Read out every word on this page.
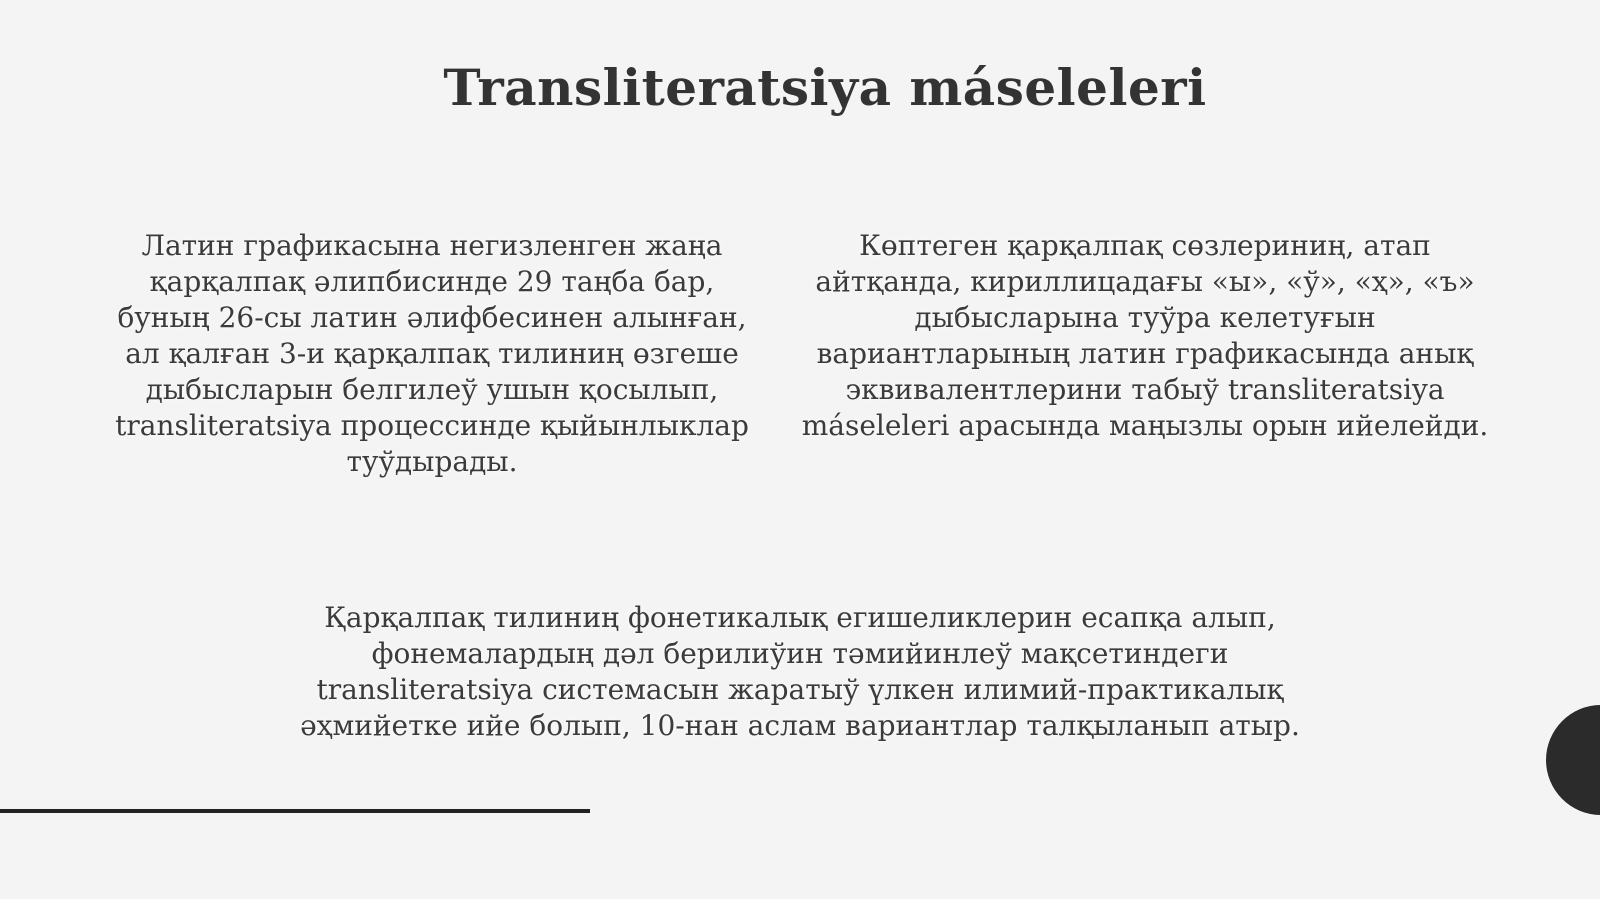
Transliteratsiya máseleleri
Латин графикасына негизленген жаңа қарқалпақ әлипбисинде 29 таңба бар, буның 26-сы латин әлифбесинен алынған, ал қалған 3-и қарқалпақ тилиниң өзгеше дыбысларын белгилеў ушын қосылып, transliteratsiya процессинде қыйынлыклар туўдырады.
Көптеген қарқалпақ сөзлериниң, атап айтқанда, кириллицадағы «ы», «ў», «ҳ», «ъ» дыбысларына туўра келетуғын вариантларының латин графикасында анық эквивалентлерини табыў transliteratsiya máseleleri арасында маңызлы орын ийелейди.
Қарқалпақ тилиниң фонетикалық егишеликлерин есапқа алып, фонемалардың дәл берилиўин тәмийинлеў мақсетиндеги transliteratsiya системасын жаратыў үлкен илимий-практикалық әҳмийетке ийе болып, 10-нан аслам вариантлар талқыланып атыр.
